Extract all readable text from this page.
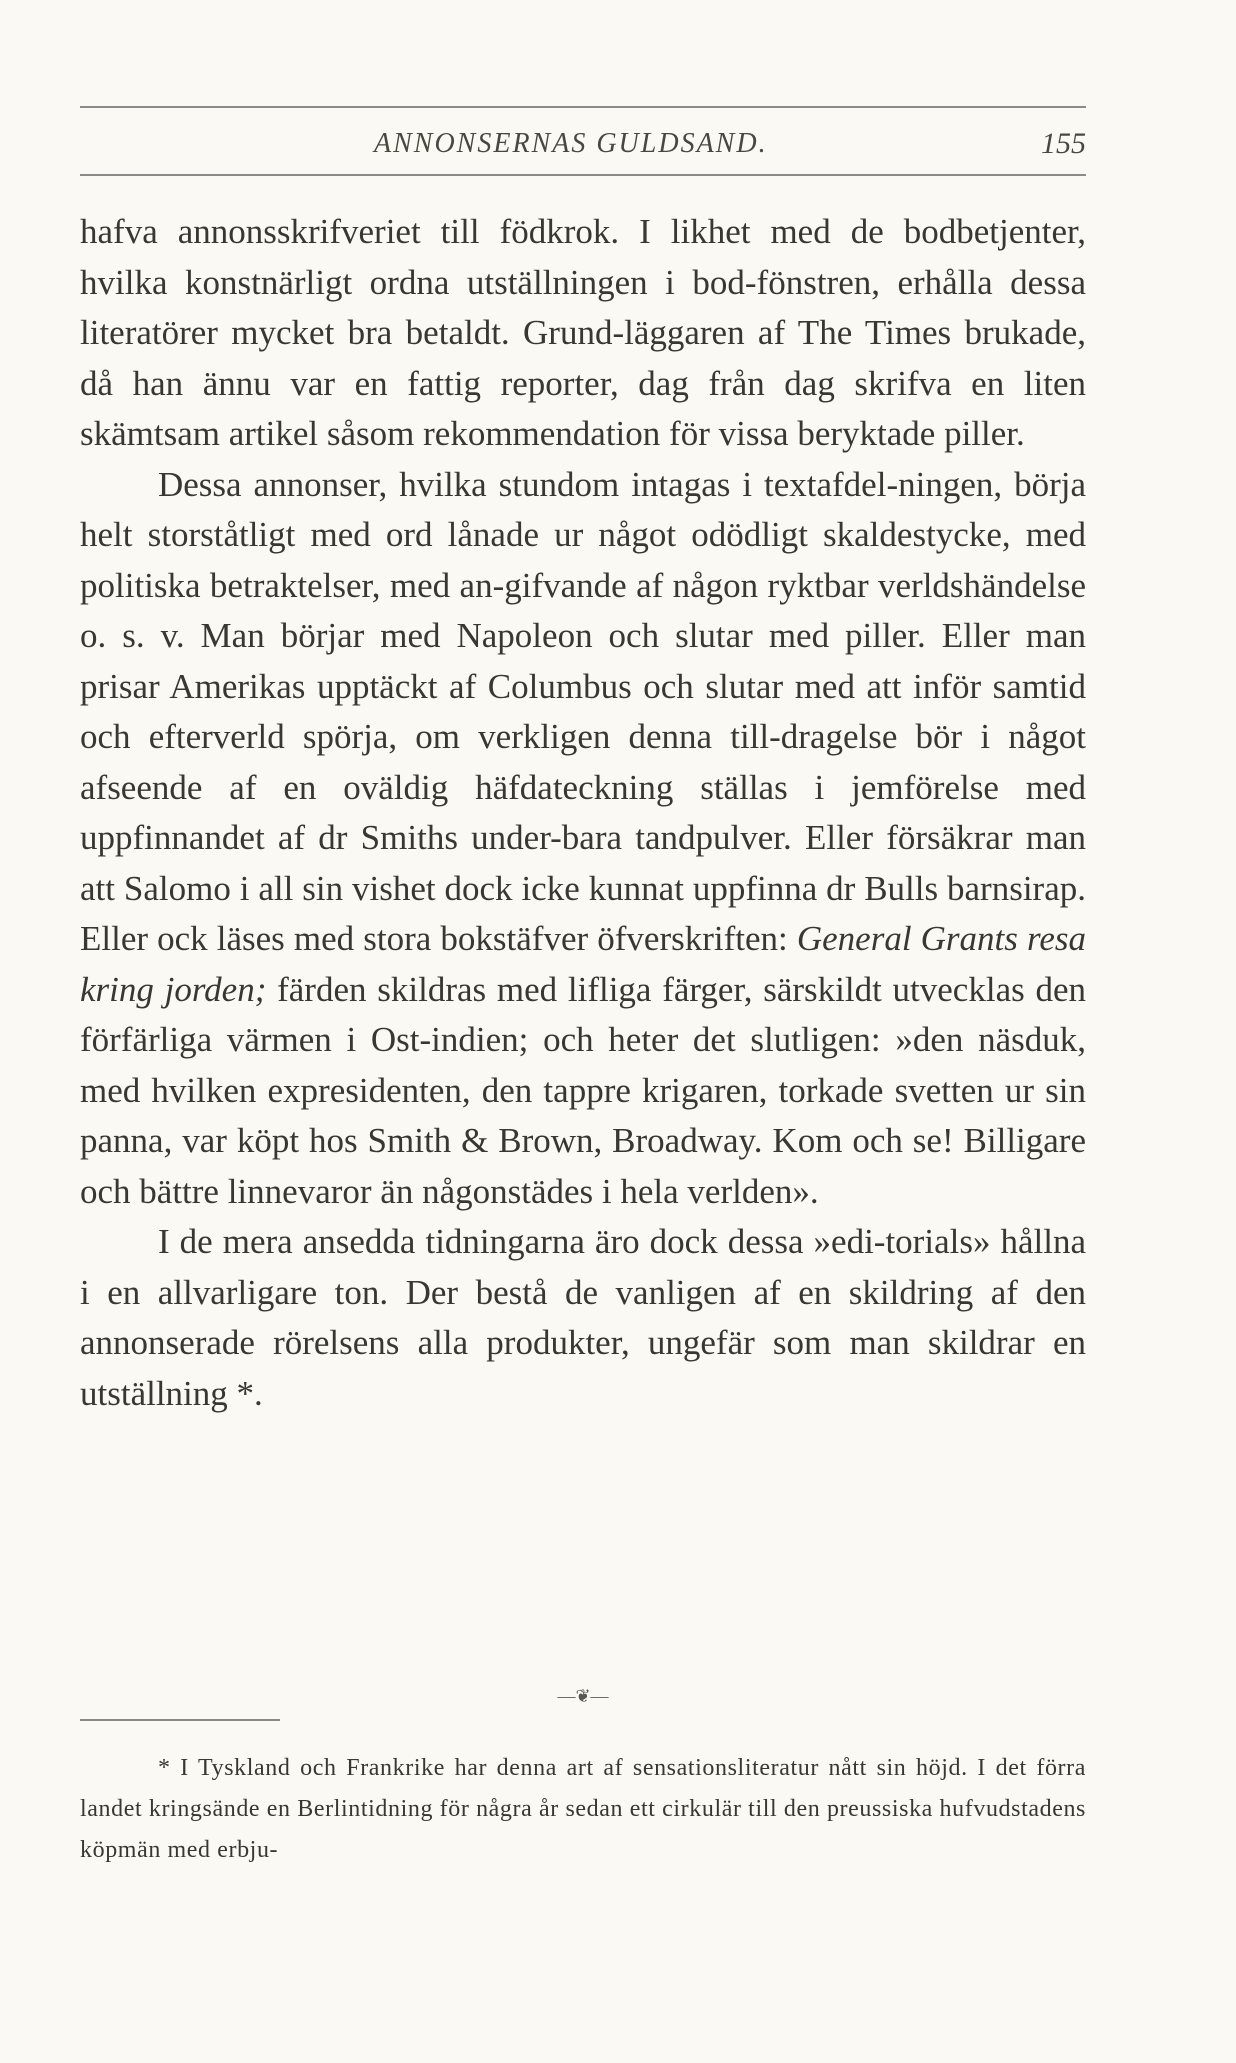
ANNONSERNAS GULDSAND.	155

hafva annonsskrifveriet till födkrok. I likhet med de bodbetjenter, hvilka konstnärligt ordna utställningen i bod-fönstren, erhålla dessa literatörer mycket bra betaldt. Grund-läggaren af The Times brukade, då han ännu var en fattig reporter, dag från dag skrifva en liten skämtsam artikel såsom rekommendation för vissa beryktade piller.

Dessa annonser, hvilka stundom intagas i textafdel-ningen, börja helt storståtligt med ord lånade ur något odödligt skaldestycke, med politiska betraktelser, med an-gifvande af någon ryktbar verldshändelse o. s. v. Man börjar med Napoleon och slutar med piller. Eller man prisar Amerikas upptäckt af Columbus och slutar med att inför samtid och efterverld spörja, om verkligen denna till-dragelse bör i något afseende af en oväldig häfdateckning ställas i jemförelse med uppfinnandet af dr Smiths under-bara tandpulver. Eller försäkrar man att Salomo i all sin vishet dock icke kunnat uppfinna dr Bulls barnsirap. Eller ock läses med stora bokstäfver öfverskriften: General Grants resa kring jorden; färden skildras med lifliga färger, särskildt utvecklas den förfärliga värmen i Ost-indien; och heter det slutligen: »den näsduk, med hvilken expresidenten, den tappre krigaren, torkade svetten ur sin panna, var köpt hos Smith & Brown, Broadway. Kom och se! Billigare och bättre linnevaror än någonstädes i hela verlden».

I de mera ansedda tidningarna äro dock dessa »edi-torials» hållna i en allvarligare ton. Der bestå de vanligen af en skildring af den annonserade rörelsens alla produkter, ungefär som man skildrar en utställning *.

—❦—

* I Tyskland och Frankrike har denna art af sensationsliteratur nått sin höjd. I det förra landet kringsände en Berlintidning för några år sedan ett cirkulär till den preussiska hufvudstadens köpmän med erbju-
